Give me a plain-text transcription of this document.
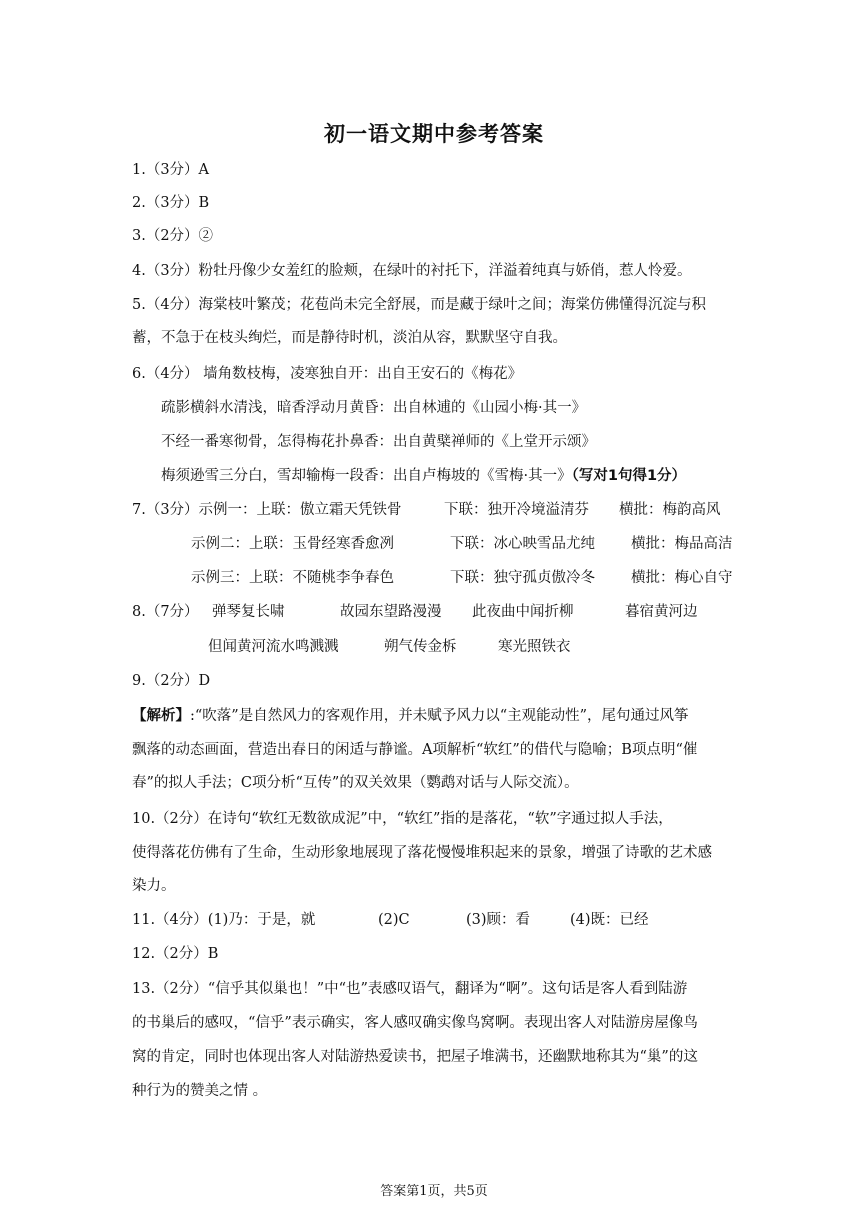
初一语文期中参考答案
1.（3分）A
2.（3分）B
3.（2分）②
4.（3分）粉牡丹像少女羞红的脸颊，在绿叶的衬托下，洋溢着纯真与娇俏，惹人怜爱。
5.（4分）海棠枝叶繁茂；花苞尚未完全舒展，而是藏于绿叶之间；海棠仿佛懂得沉淀与积
蓄，不急于在枝头绚烂，而是静待时机，淡泊从容，默默坚守自我。
6.（4分） 墙角数枝梅，凌寒独自开：出自王安石的《梅花》
疏影横斜水清浅，暗香浮动月黄昏：出自林逋的《山园小梅·其一》
不经一番寒彻骨，怎得梅花扑鼻香：出自黄檗禅师的《上堂开示颂》
梅须逊雪三分白，雪却输梅一段香：出自卢梅坡的《雪梅·其一》（写对1句得1分）
7.（3分）示例一：上联：傲立霜天凭铁骨	下联：独开冷境溢清芬 横批：梅韵高风
示例二：上联：玉骨经寒香愈冽	下联：冰心映雪品尤纯 横批：梅品高洁
示例三：上联：不随桃李争春色	下联：独守孤贞傲冷冬 横批：梅心自守
8.（7分） 弹琴复长啸	故园东望路漫漫 此夜曲中闻折柳	暮宿黄河边
但闻黄河流水鸣溅溅	朔气传金柝	寒光照铁衣
9.（2分）D
【解析】:“吹落”是自然风力的客观作用，并未赋予风力以“主观能动性”，尾句通过风筝
飘落的动态画面，营造出春日的闲适与静谧。A项解析“软红”的借代与隐喻；B项点明“催
春”的拟人手法；C项分析“互传”的双关效果（鹦鹉对话与人际交流）。
10.（2分）在诗句“软红无数欲成泥”中，“软红”指的是落花，“软”字通过拟人手法，
使得落花仿佛有了生命，生动形象地展现了落花慢慢堆积起来的景象，增强了诗歌的艺术感
染力。
11.（4分）(1)乃：于是，就	(2)C	(3)顾：看	(4)既：已经
12.（2分）B
13.（2分）“信乎其似巢也！”中“也”表感叹语气，翻译为“啊”。这句话是客人看到陆游
的书巢后的感叹，“信乎”表示确实，客人感叹确实像鸟窝啊。表现出客人对陆游房屋像鸟
窝的肯定，同时也体现出客人对陆游热爱读书，把屋子堆满书，还幽默地称其为“巢”的这
种行为的赞美之情 。
答案第1页，共5页
